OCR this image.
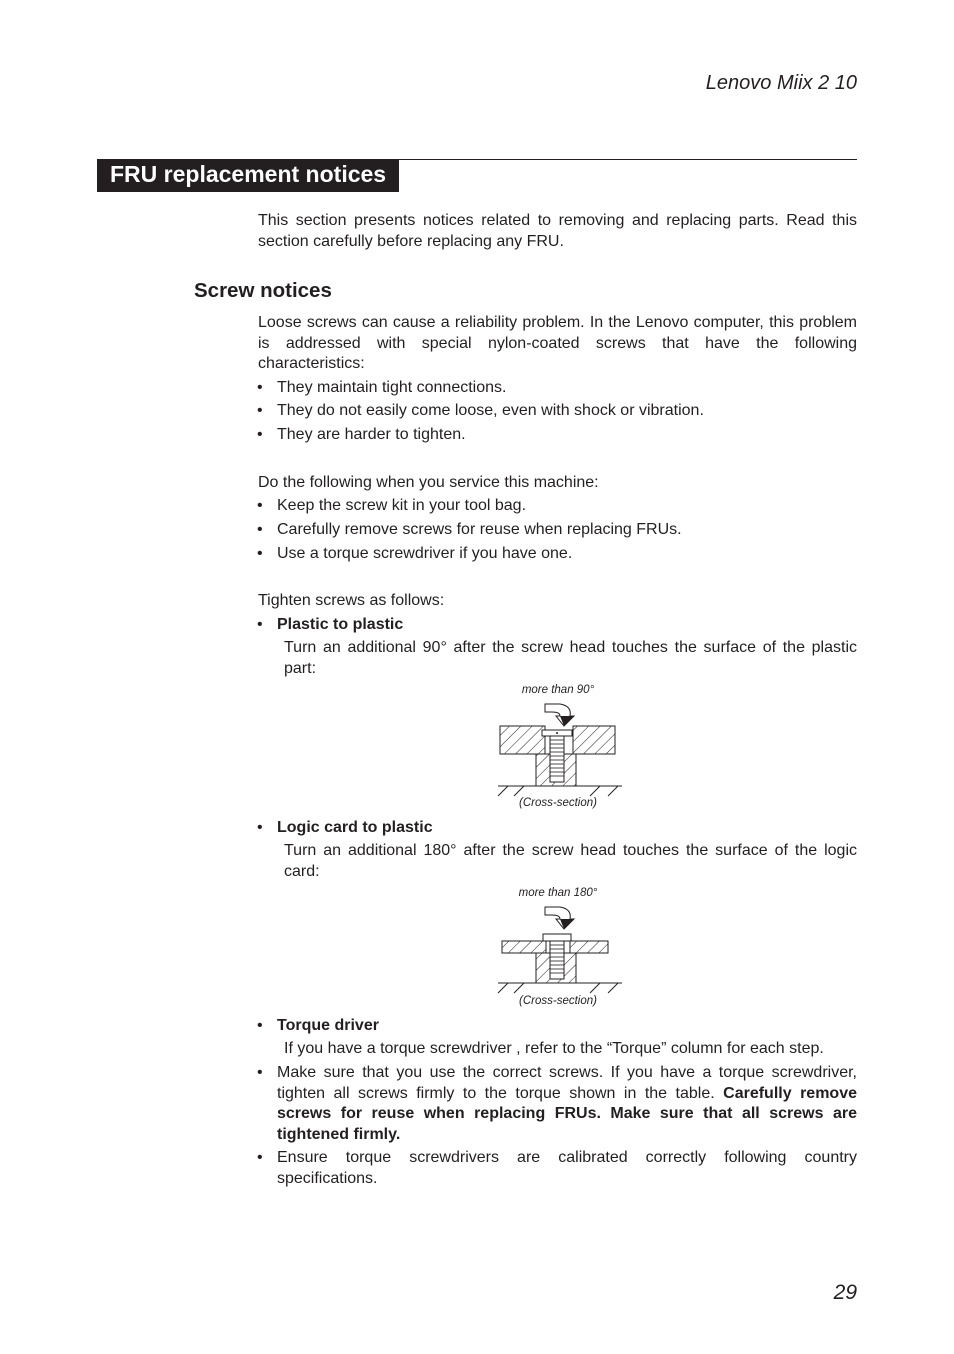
Lenovo Miix 2 10
FRU replacement notices

This section presents notices related to removing and replacing parts. Read this section carefully before replacing any FRU.

Screw notices

Loose screws can cause a reliability problem. In the Lenovo computer, this problem is addressed with special nylon-coated screws that have the following characteristics:

• They maintain tight connections.
• They do not easily come loose, even with shock or vibration.
• They are harder to tighten.

Do the following when you service this machine:

• Keep the screw kit in your tool bag.
• Carefully remove screws for reuse when replacing FRUs.
• Use a torque screwdriver if you have one.

Tighten screws as follows:

• Plastic to plastic

Turn an additional 90° after the screw head touches the surface of the plastic part:

more than 90°
(Cross-section)
• Logic card to plastic

Turn an additional 180° after the screw head touches the surface of the logic card:

more than 180°
(Cross-section)
• Torque driver

If you have a torque screwdriver , refer to the “Torque” column for each step.

• Make sure that you use the correct screws. If you have a torque screwdriver, tighten all screws firmly to the torque shown in the table. Carefully remove screws for reuse when replacing FRUs. Make sure that all screws are tightened firmly.
• Ensure torque screwdrivers are calibrated correctly following country specifications.
29
